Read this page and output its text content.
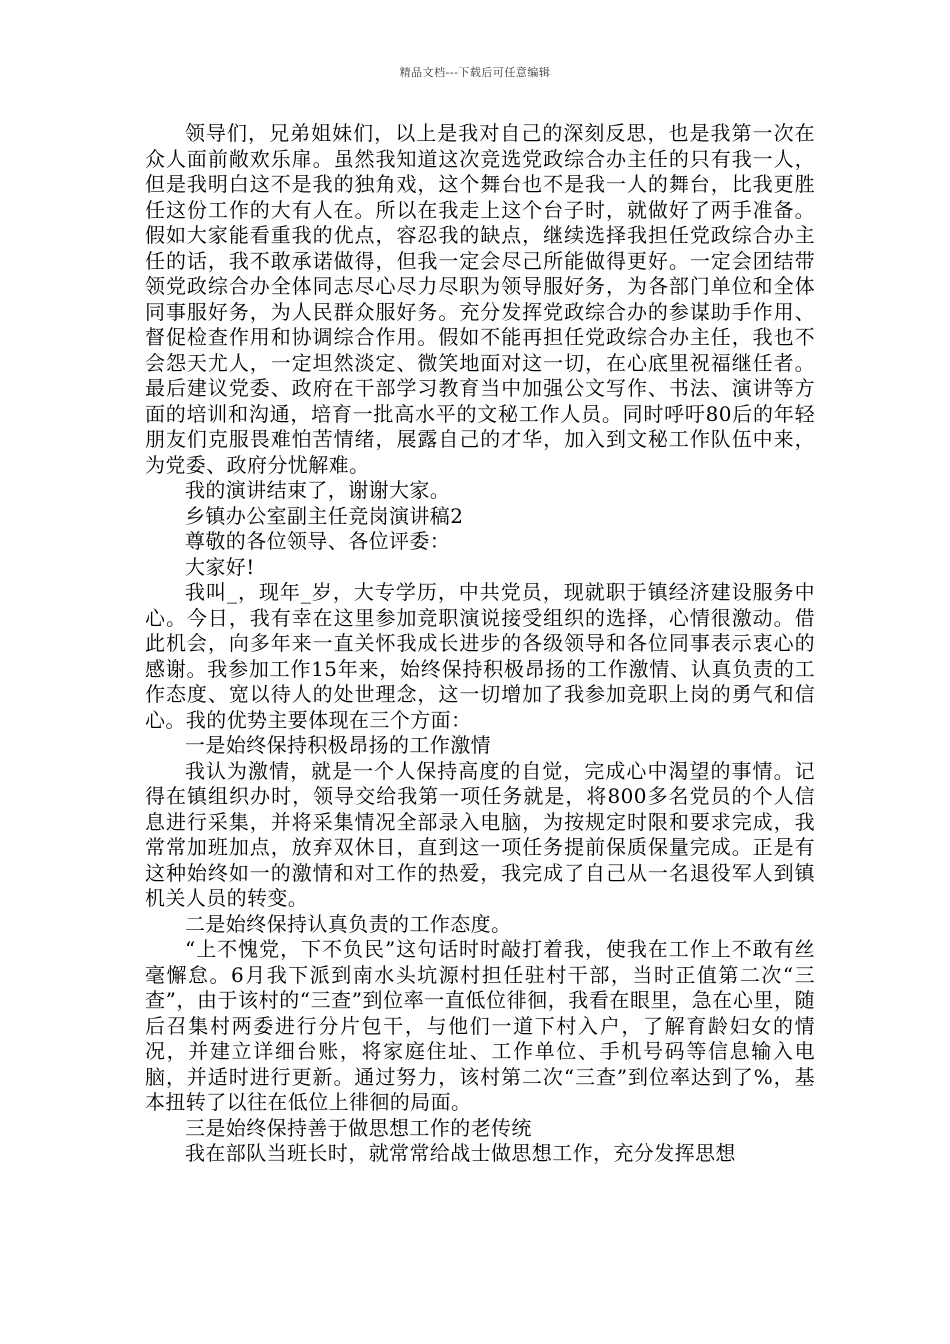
精品文档---下载后可任意编辑

领导们，兄弟姐妹们，以上是我对自己的深刻反思，也是我第一次在众人面前敞欢乐扉。虽然我知道这次竞选党政综合办主任的只有我一人，但是我明白这不是我的独角戏，这个舞台也不是我一人的舞台，比我更胜任这份工作的大有人在。所以在我走上这个台子时，就做好了两手准备。假如大家能看重我的优点，容忍我的缺点，继续选择我担任党政综合办主任的话，我不敢承诺做得，但我一定会尽己所能做得更好。一定会团结带领党政综合办全体同志尽心尽力尽职为领导服好务，为各部门单位和全体同事服好务，为人民群众服好务。充分发挥党政综合办的参谋助手作用、督促检查作用和协调综合作用。假如不能再担任党政综合办主任，我也不会怨天尤人，一定坦然淡定、微笑地面对这一切，在心底里祝福继任者。最后建议党委、政府在干部学习教育当中加强公文写作、书法、演讲等方面的培训和沟通，培育一批高水平的文秘工作人员。同时呼吁80后的年轻朋友们克服畏难怕苦情绪，展露自己的才华，加入到文秘工作队伍中来，为党委、政府分忧解难。

我的演讲结束了，谢谢大家。

乡镇办公室副主任竞岗演讲稿2

尊敬的各位领导、各位评委：

大家好!

我叫_，现年_岁，大专学历，中共党员，现就职于镇经济建设服务中心。今日，我有幸在这里参加竞职演说接受组织的选择，心情很激动。借此机会，向多年来一直关怀我成长进步的各级领导和各位同事表示衷心的感谢。我参加工作15年来，始终保持积极昂扬的工作激情、认真负责的工作态度、宽以待人的处世理念，这一切增加了我参加竞职上岗的勇气和信心。我的优势主要体现在三个方面：

一是始终保持积极昂扬的工作激情

我认为激情，就是一个人保持高度的自觉，完成心中渴望的事情。记得在镇组织办时，领导交给我第一项任务就是，将800多名党员的个人信息进行采集，并将采集情况全部录入电脑，为按规定时限和要求完成，我常常加班加点，放弃双休日，直到这一项任务提前保质保量完成。正是有这种始终如一的激情和对工作的热爱，我完成了自己从一名退役军人到镇机关人员的转变。

二是始终保持认真负责的工作态度。

“上不愧党，下不负民”这句话时时敲打着我，使我在工作上不敢有丝毫懈怠。6月我下派到南水头坑源村担任驻村干部，当时正值第二次“三查”，由于该村的“三查”到位率一直低位徘徊，我看在眼里，急在心里，随后召集村两委进行分片包干，与他们一道下村入户，了解育龄妇女的情况，并建立详细台账，将家庭住址、工作单位、手机号码等信息输入电脑，并适时进行更新。通过努力，该村第二次“三查”到位率达到了%，基本扭转了以往在低位上徘徊的局面。

三是始终保持善于做思想工作的老传统

我在部队当班长时，就常常给战士做思想工作，充分发挥思想
